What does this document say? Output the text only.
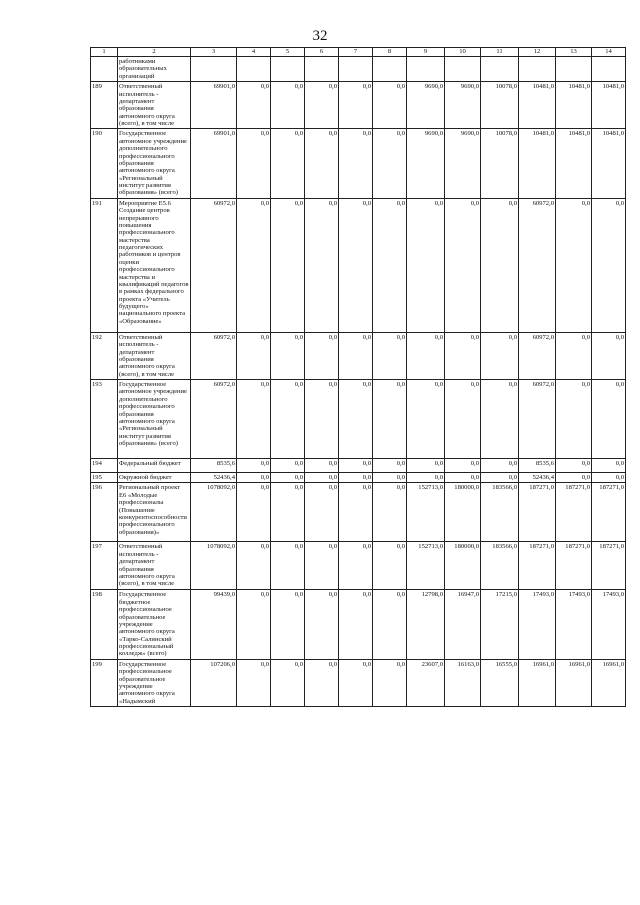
32
1	2	3	4	5	6	7	8	9	10	11	12	13	14
	работниками образовательных организаций												
189	Ответственный исполнитель - департамент образования автономного округа (всего), в том числе	69901,0	0,0	0,0	0,0	0,0	0,0	9690,0	9690,0	10078,0	10481,0	10481,0	10481,0
190	Государственное автономное учреждение дополнительного профессионального образования автономного округа «Региональный институт развития образования» (всего)	69901,0	0,0	0,0	0,0	0,0	0,0	9690,0	9690,0	10078,0	10481,0	10481,0	10481,0
191	Мероприятие E5.6 Создание центров непрерывного повышения профессионального мастерства педагогических работников и центров оценки профессионального мастерства и квалификаций педагогов в рамках федерального проекта «Учитель будущего» национального проекта «Образование»	60972,0	0,0	0,0	0,0	0,0	0,0	0,0	0,0	0,0	60972,0	0,0	0,0
192	Ответственный исполнитель - департамент образования автономного округа (всего), в том числе	60972,0	0,0	0,0	0,0	0,0	0,0	0,0	0,0	0,0	60972,0	0,0	0,0
193	Государственное автономное учреждение дополнительного профессионального образования автономного округа «Региональный институт развития образования» (всего)	60972,0	0,0	0,0	0,0	0,0	0,0	0,0	0,0	0,0	60972,0	0,0	0,0
194	Федеральный бюджет	8535,6	0,0	0,0	0,0	0,0	0,0	0,0	0,0	0,0	8535,6	0,0	0,0
195	Окружной бюджет	52436,4	0,0	0,0	0,0	0,0	0,0	0,0	0,0	0,0	52436,4	0,0	0,0
196	Региональный проект E6 «Молодые профессионалы (Повышение конкурентоспособности профессионального образования)»	1078092,0	0,0	0,0	0,0	0,0	0,0	152713,0	180000,0	183566,0	187271,0	187271,0	187271,0
197	Ответственный исполнитель - департамент образования автономного округа (всего), в том числе	1078092,0	0,0	0,0	0,0	0,0	0,0	152713,0	180000,0	183566,0	187271,0	187271,0	187271,0
198	Государственное бюджетное профессиональное образовательное учреждение автономного округа «Тарко-Салинский профессиональный колледж» (всего)	99439,0	0,0	0,0	0,0	0,0	0,0	12798,0	16947,0	17215,0	17493,0	17493,0	17493,0
199	Государственное профессиональное образовательное учреждение автономного округа «Надымский	107206,0	0,0	0,0	0,0	0,0	0,0	23607,0	16163,0	16555,0	16961,0	16961,0	16961,0
